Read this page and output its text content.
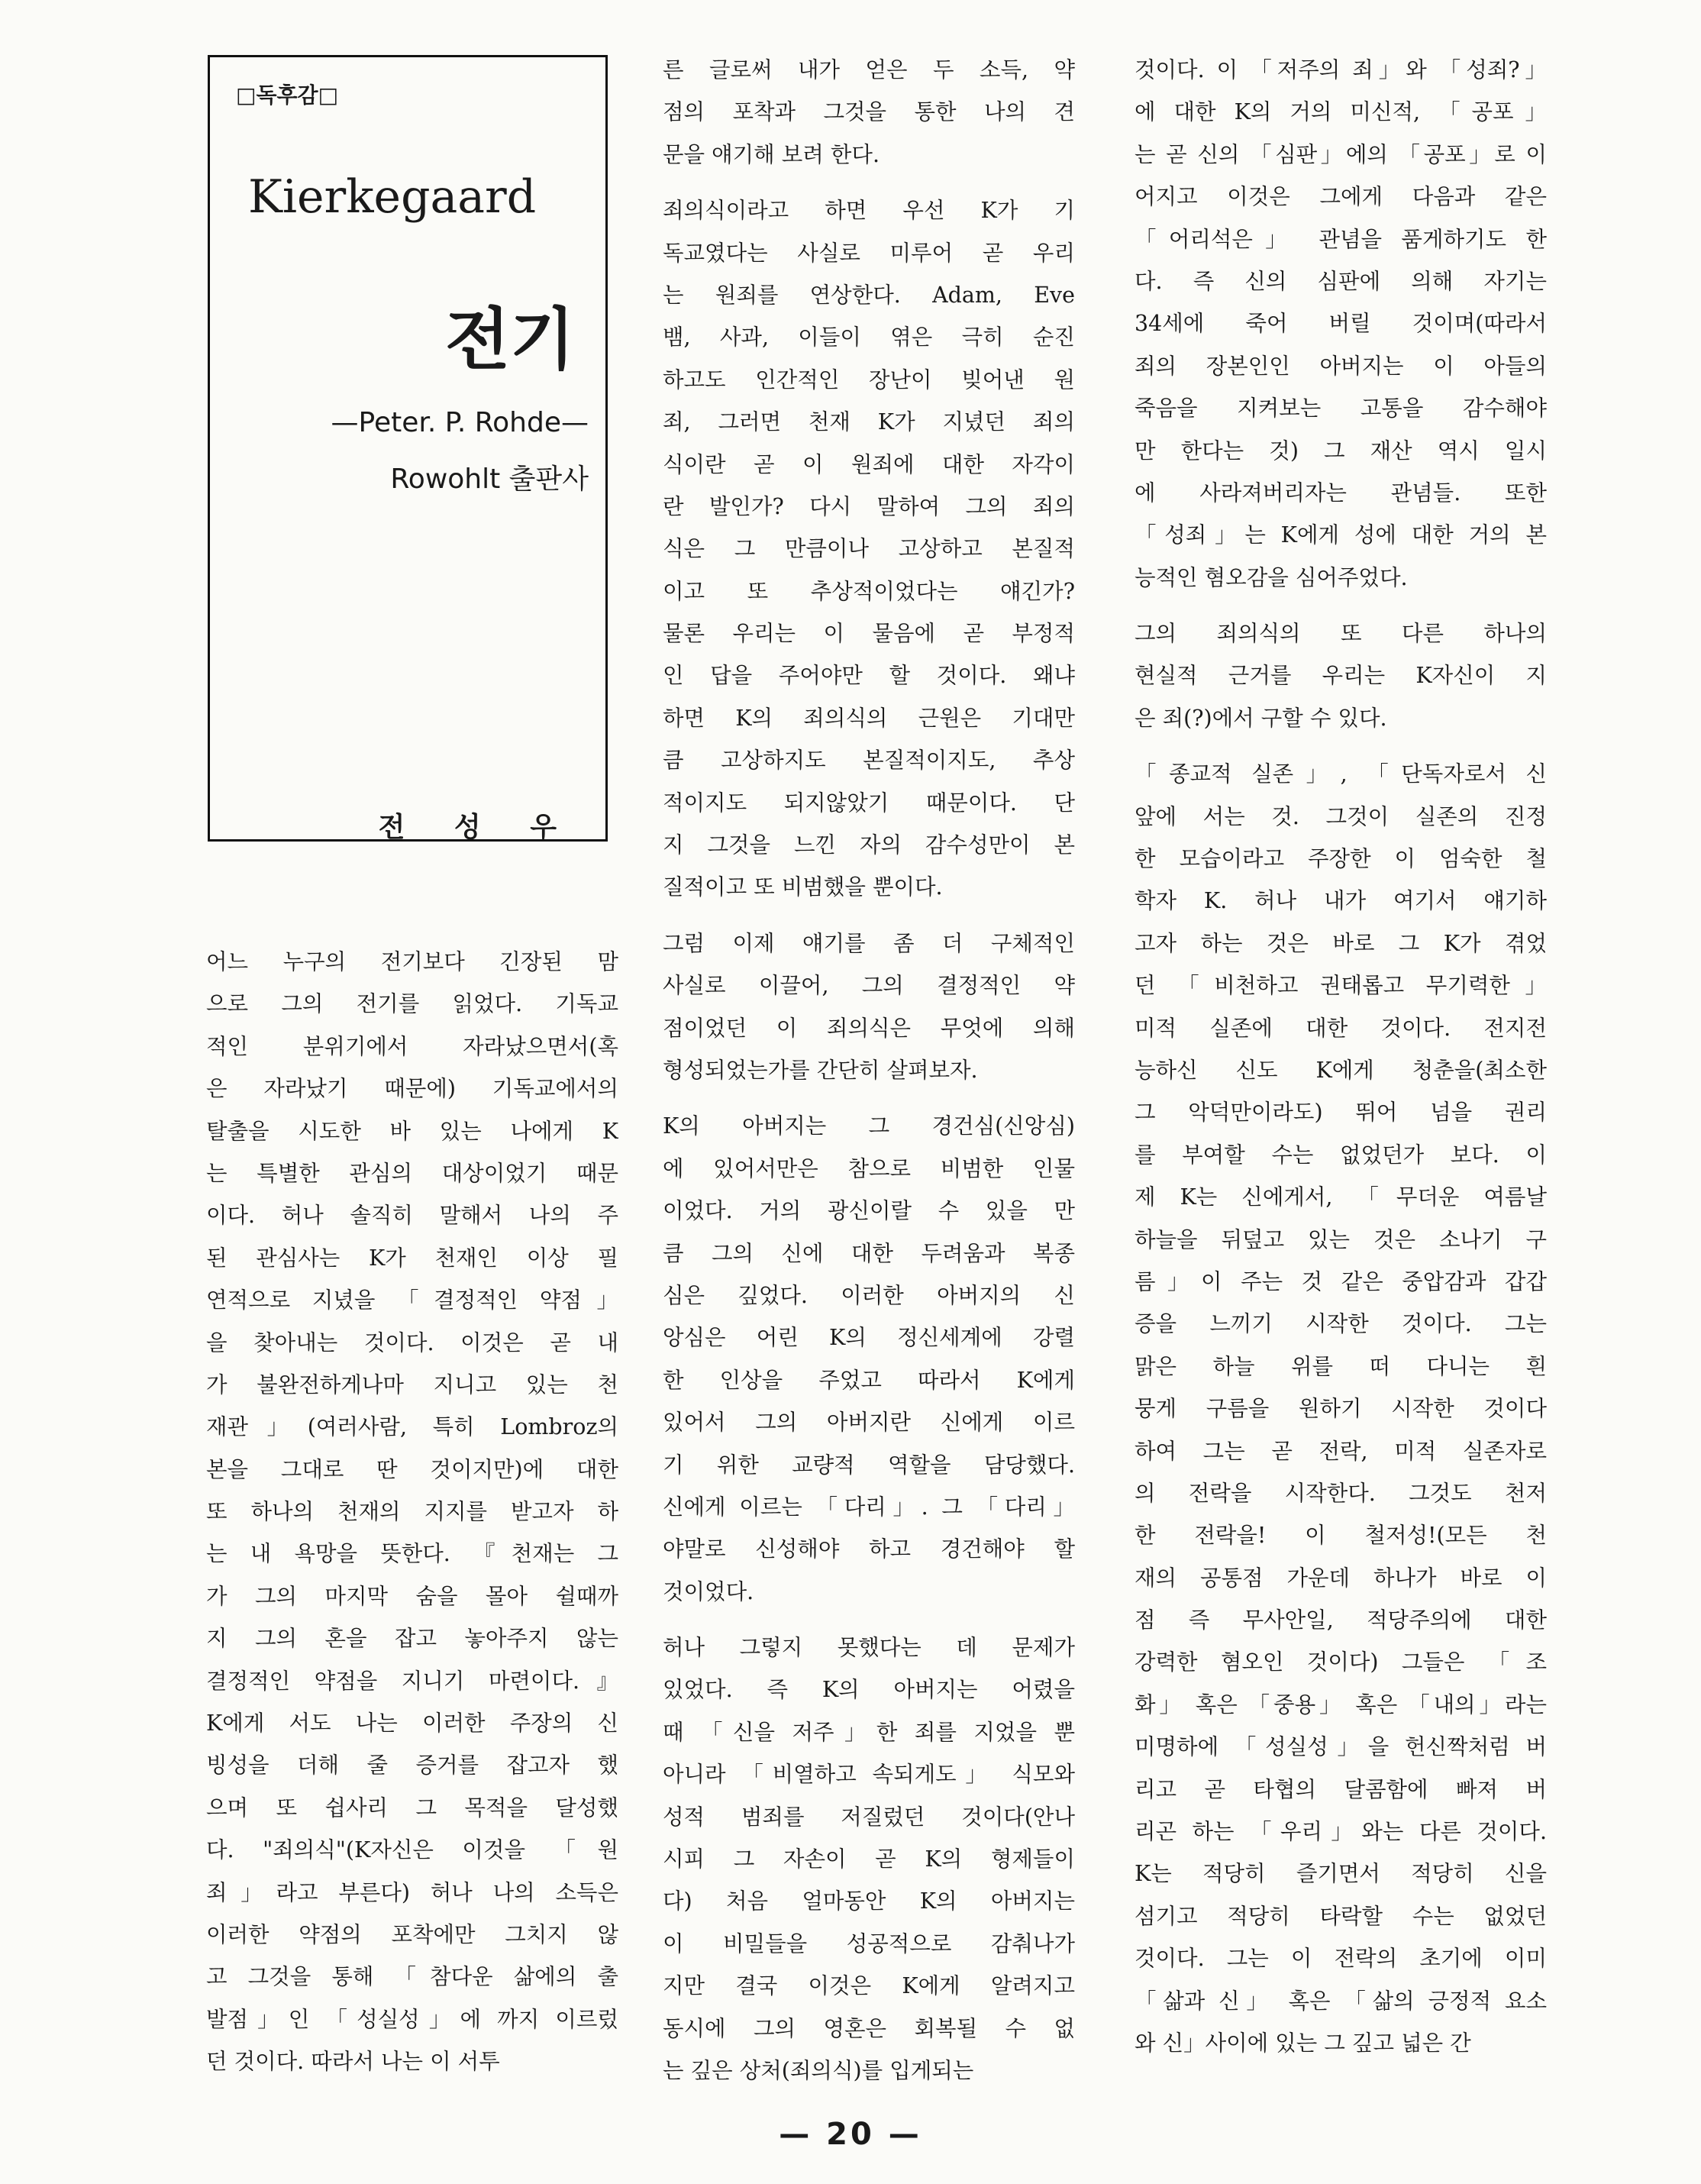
□독후감□
Kierkegaard
전기
—Peter. P. Rohde—
Rowohlt 출판사
전 성 우
어느 누구의 전기보다 긴장된 맘
으로 그의 전기를 읽었다. 기독교
적인 분위기에서 자라났으면서(혹
은 자라났기 때문에) 기독교에서의
탈출을 시도한 바 있는 나에게 K
는 특별한 관심의 대상이었기 때문
이다. 허나 솔직히 말해서 나의 주
된 관심사는 K가 천재인 이상 필
연적으로 지녔을 「결정적인 약점」
을 찾아내는 것이다. 이것은 곧 내
가 불완전하게나마 지니고 있는 천
재관」(여러사람, 특히 Lombroz의
본을 그대로 딴 것이지만)에 대한
또 하나의 천재의 지지를 받고자 하
는 내 욕망을 뜻한다. 『천재는 그
가 그의 마지막 숨을 몰아 쉴때까
지 그의 혼을 잡고 놓아주지 않는
결정적인 약점을 지니기 마련이다.』
K에게 서도 나는 이러한 주장의 신
빙성을 더해 줄 증거를 잡고자 했
으며 또 쉽사리 그 목적을 달성했
다. "죄의식"(K자신은 이것을 「원
죄」라고 부른다) 허나 나의 소득은
이러한 약점의 포착에만 그치지 않
고 그것을 통해 「참다운 삶에의 출
발점」인 「성실성」에 까지 이르렀
던 것이다. 따라서 나는 이 서투
른 글로써 내가 얻은 두 소득, 약
점의 포착과 그것을 통한 나의 견
문을 얘기해 보려 한다.
죄의식이라고 하면 우선 K가 기
독교였다는 사실로 미루어 곧 우리
는 원죄를 연상한다. Adam, Eve
뱀, 사과, 이들이 엮은 극히 순진
하고도 인간적인 장난이 빚어낸 원
죄, 그러면 천재 K가 지녔던 죄의
식이란 곧 이 원죄에 대한 자각이
란 발인가? 다시 말하여 그의 죄의
식은 그 만큼이나 고상하고 본질적
이고 또 추상적이었다는 얘긴가?
물론 우리는 이 물음에 곧 부정적
인 답을 주어야만 할 것이다. 왜냐
하면 K의 죄의식의 근원은 기대만
큼 고상하지도 본질적이지도, 추상
적이지도 되지않았기 때문이다. 단
지 그것을 느낀 자의 감수성만이 본
질적이고 또 비범했을 뿐이다.
그럼 이제 얘기를 좀 더 구체적인
사실로 이끌어, 그의 결정적인 약
점이었던 이 죄의식은 무엇에 의해
형성되었는가를 간단히 살펴보자.
K의 아버지는 그 경건심(신앙심)
에 있어서만은 참으로 비범한 인물
이었다. 거의 광신이랄 수 있을 만
큼 그의 신에 대한 두려움과 복종
심은 깊었다. 이러한 아버지의 신
앙심은 어린 K의 정신세계에 강렬
한 인상을 주었고 따라서 K에게
있어서 그의 아버지란 신에게 이르
기 위한 교량적 역할을 담당했다.
신에게 이르는 「다리」. 그 「다리」
야말로 신성해야 하고 경건해야 할
것이었다.
허나 그렇지 못했다는 데 문제가
있었다. 즉 K의 아버지는 어렸을
때 「신을 저주」한 죄를 지었을 뿐
아니라 「비열하고 속되게도」 식모와
성적 범죄를 저질렀던 것이다(안나
시피 그 자손이 곧 K의 형제들이
다) 처음 얼마동안 K의 아버지는
이 비밀들을 성공적으로 감춰나가
지만 결국 이것은 K에게 알려지고
동시에 그의 영혼은 회복될 수 없
는 깊은 상처(죄의식)를 입게되는
것이다. 이 「저주의 죄」와 「성죄?」
에 대한 K의 거의 미신적, 「공포」
는 곧 신의 「심판」에의 「공포」로 이
어지고 이것은 그에게 다음과 같은
「어리석은」 관념을 품게하기도 한
다. 즉 신의 심판에 의해 자기는
34세에 죽어 버릴 것이며(따라서
죄의 장본인인 아버지는 이 아들의
죽음을 지켜보는 고통을 감수해야
만 한다는 것) 그 재산 역시 일시
에 사라져버리자는 관념들. 또한
「성죄」는 K에게 성에 대한 거의 본
능적인 혐오감을 심어주었다.
그의 죄의식의 또 다른 하나의
현실적 근거를 우리는 K자신이 지
은 죄(?)에서 구할 수 있다.
「종교적 실존」, 「단독자로서 신
앞에 서는 것. 그것이 실존의 진정
한 모습이라고 주장한 이 엄숙한 철
학자 K. 허나 내가 여기서 얘기하
고자 하는 것은 바로 그 K가 겪었
던 「비천하고 권태롭고 무기력한」
미적 실존에 대한 것이다. 전지전
능하신 신도 K에게 청춘을(최소한
그 악덕만이라도) 뛰어 넘을 권리
를 부여할 수는 없었던가 보다. 이
제 K는 신에게서, 「무더운 여름날
하늘을 뒤덮고 있는 것은 소나기 구
름」이 주는 것 같은 중압감과 갑갑
증을 느끼기 시작한 것이다. 그는
맑은 하늘 위를 떠 다니는 흰
뭉게 구름을 원하기 시작한 것이다
하여 그는 곧 전락, 미적 실존자로
의 전락을 시작한다. 그것도 천저
한 전락을! 이 철저성!(모든 천
재의 공통점 가운데 하나가 바로 이
점 즉 무사안일, 적당주의에 대한
강력한 혐오인 것이다) 그들은 「조
화」 혹은 「중용」 혹은 「내의」라는
미명하에 「성실성」을 헌신짝처럼 버
리고 곧 타협의 달콤함에 빠져 버
리곤 하는 「우리」와는 다른 것이다.
K는 적당히 즐기면서 적당히 신을
섬기고 적당히 타락할 수는 없었던
것이다. 그는 이 전락의 초기에 이미
「삶과 신」 혹은 「삶의 긍정적 요소
와 신」사이에 있는 그 깊고 넓은 간
— 20 —
